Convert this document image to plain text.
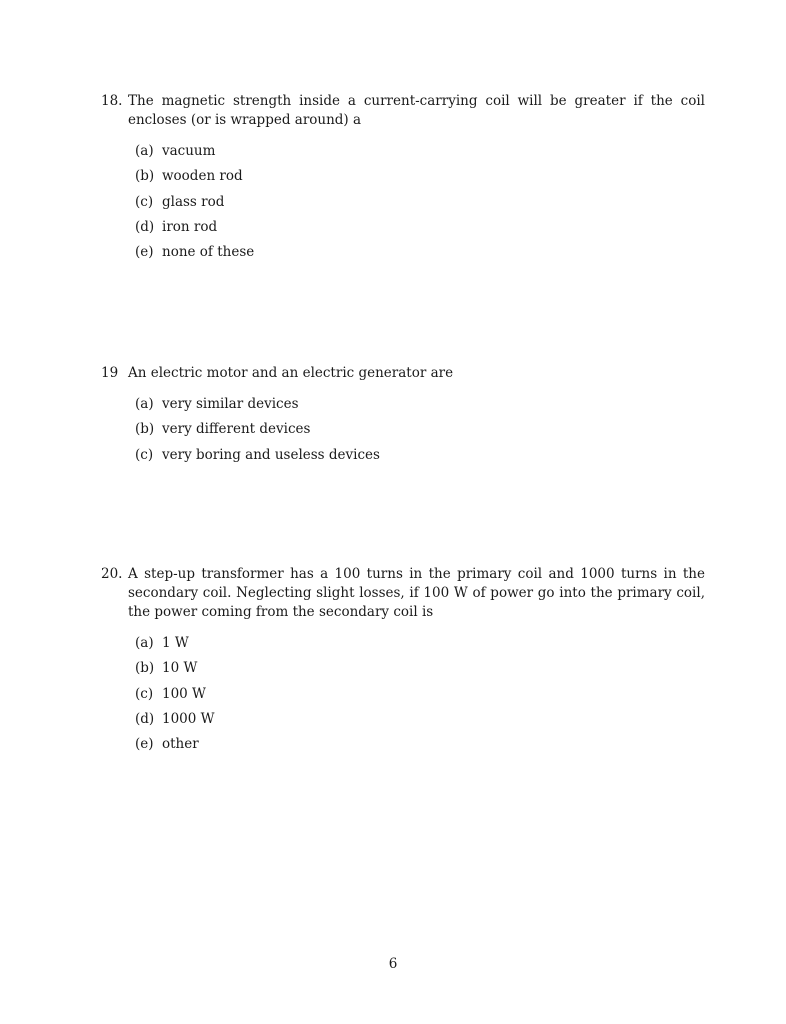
18. The magnetic strength inside a current-carrying coil will be greater if the coil encloses (or is wrapped around) a
(a) vacuum
(b) wooden rod
(c) glass rod
(d) iron rod
(e) none of these
19 An electric motor and an electric generator are
(a) very similar devices
(b) very different devices
(c) very boring and useless devices
20. A step-up transformer has a 100 turns in the primary coil and 1000 turns in the secondary coil. Neglecting slight losses, if 100 W of power go into the primary coil, the power coming from the secondary coil is
(a) 1 W
(b) 10 W
(c) 100 W
(d) 1000 W
(e) other
6
